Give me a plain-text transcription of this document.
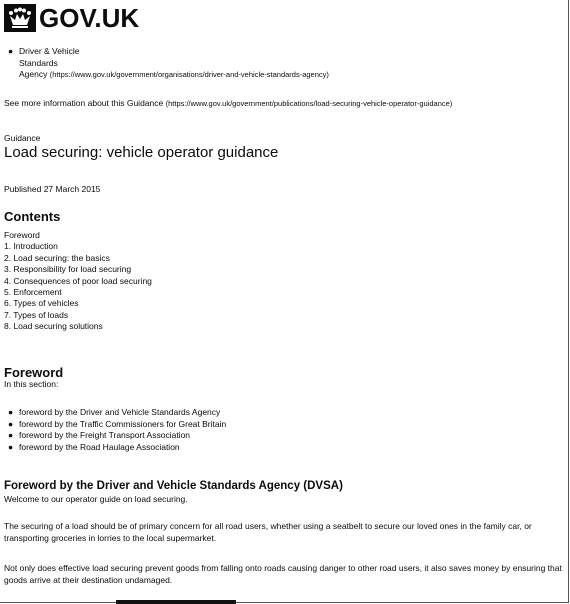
GOV.UK
● Driver & Vehicle
Standards
Agency (https://www.gov.uk/government/organisations/driver-and-vehicle-standards-agency)
See more information about this Guidance (https://www.gov.uk/government/publications/load-securing-vehicle-operator-guidance)
Guidance
Load securing: vehicle operator guidance
Published 27 March 2015
Contents
Foreword
1. Introduction
2. Load securing: the basics
3. Responsibility for load securing
4. Consequences of poor load securing
5. Enforcement
6. Types of vehicles
7. Types of loads
8. Load securing solutions
Foreword
In this section:
● foreword by the Driver and Vehicle Standards Agency
● foreword by the Traffic Commissioners for Great Britain
● foreword by the Freight Transport Association
● foreword by the Road Haulage Association
Foreword by the Driver and Vehicle Standards Agency (DVSA)
Welcome to our operator guide on load securing.
The securing of a load should be of primary concern for all road users, whether using a seatbelt to secure our loved ones in the family car, or transporting groceries in lorries to the local supermarket.
Not only does effective load securing prevent goods from falling onto roads causing danger to other road users, it also saves money by ensuring that goods arrive at their destination undamaged.
